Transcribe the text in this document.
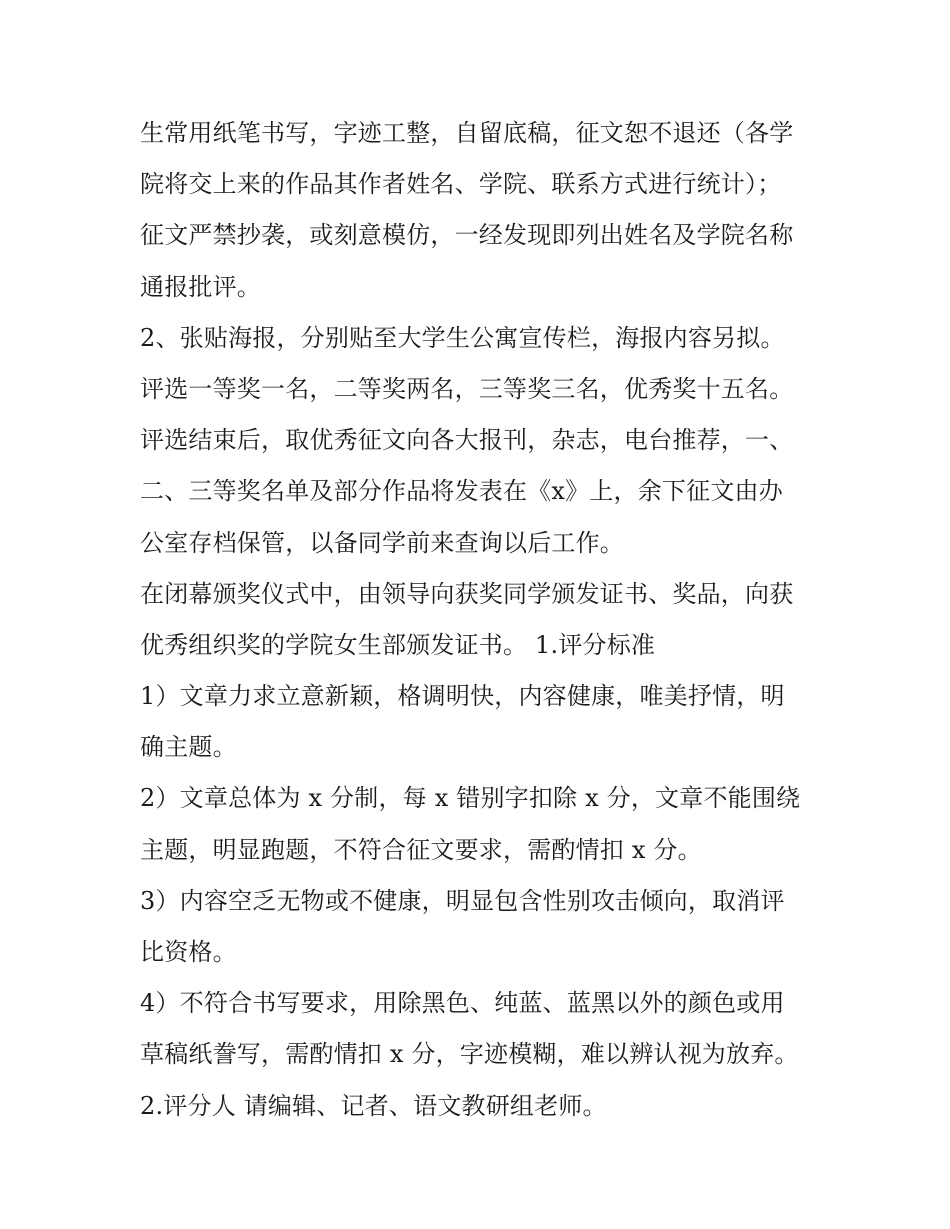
生常用纸笔书写，字迹工整，自留底稿，征文恕不退还（各学
院将交上来的作品其作者姓名、学院、联系方式进行统计）；
征文严禁抄袭，或刻意模仿，一经发现即列出姓名及学院名称
通报批评。
2、张贴海报，分别贴至大学生公寓宣传栏，海报内容另拟。
评选一等奖一名，二等奖两名，三等奖三名，优秀奖十五名。
评选结束后，取优秀征文向各大报刊，杂志，电台推荐，一、
二、三等奖名单及部分作品将发表在《x》上，余下征文由办
公室存档保管，以备同学前来查询以后工作。
在闭幕颁奖仪式中，由领导向获奖同学颁发证书、奖品，向获
优秀组织奖的学院女生部颁发证书。 1.评分标准
1）文章力求立意新颖，格调明快，内容健康，唯美抒情，明
确主题。
2）文章总体为 x 分制，每 x 错别字扣除 x 分，文章不能围绕
主题，明显跑题，不符合征文要求，需酌情扣 x 分。
3）内容空乏无物或不健康，明显包含性别攻击倾向，取消评
比资格。
4）不符合书写要求，用除黑色、纯蓝、蓝黑以外的颜色或用
草稿纸誊写，需酌情扣 x 分，字迹模糊，难以辨认视为放弃。
2.评分人 请编辑、记者、语文教研组老师。
